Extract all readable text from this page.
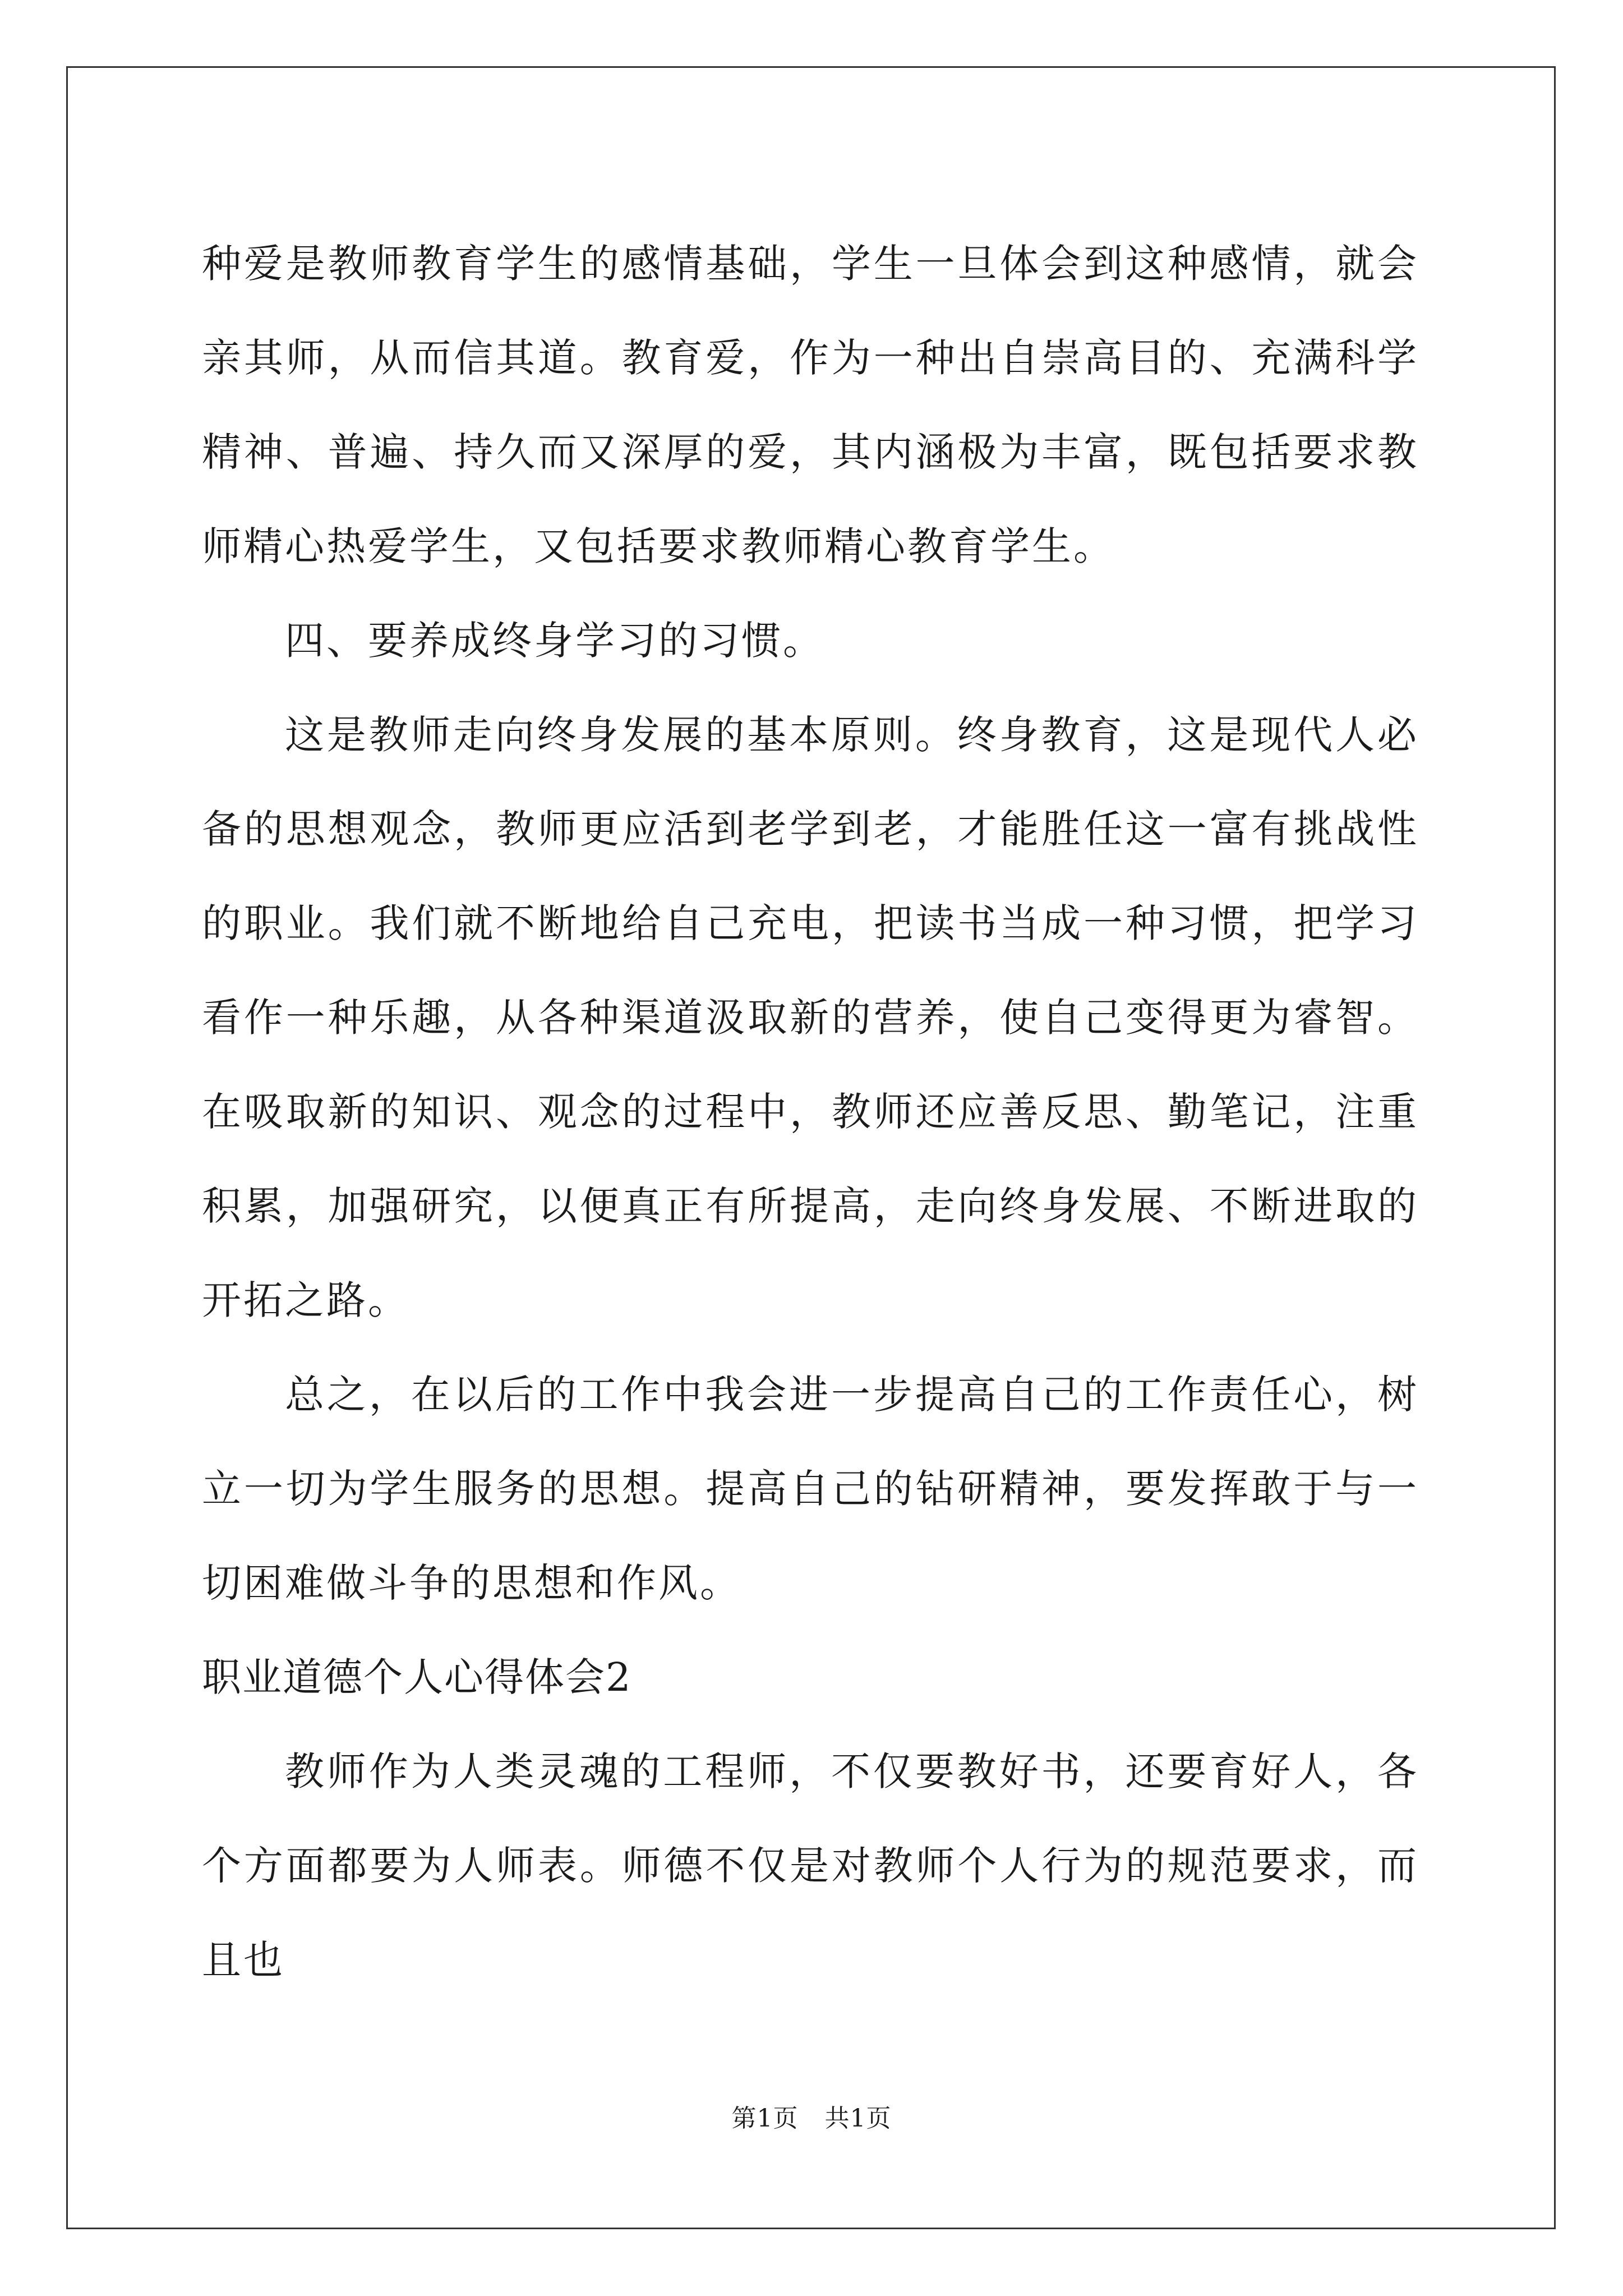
种爱是教师教育学生的感情基础，学生一旦体会到这种感情，就会亲其师，从而信其道。教育爱，作为一种出自崇高目的、充满科学精神、普遍、持久而又深厚的爱，其内涵极为丰富，既包括要求教师精心热爱学生，又包括要求教师精心教育学生。

四、要养成终身学习的习惯。

这是教师走向终身发展的基本原则。终身教育，这是现代人必备的思想观念，教师更应活到老学到老，才能胜任这一富有挑战性的职业。我们就不断地给自己充电，把读书当成一种习惯，把学习看作一种乐趣，从各种渠道汲取新的营养，使自己变得更为睿智。在吸取新的知识、观念的过程中，教师还应善反思、勤笔记，注重积累，加强研究，以便真正有所提高，走向终身发展、不断进取的开拓之路。

总之，在以后的工作中我会进一步提高自己的工作责任心，树立一切为学生服务的思想。提高自己的钻研精神，要发挥敢于与一切困难做斗争的思想和作风。

职业道德个人心得体会2

教师作为人类灵魂的工程师，不仅要教好书，还要育好人，各个方面都要为人师表。师德不仅是对教师个人行为的规范要求，而且也

第1页 共1页
